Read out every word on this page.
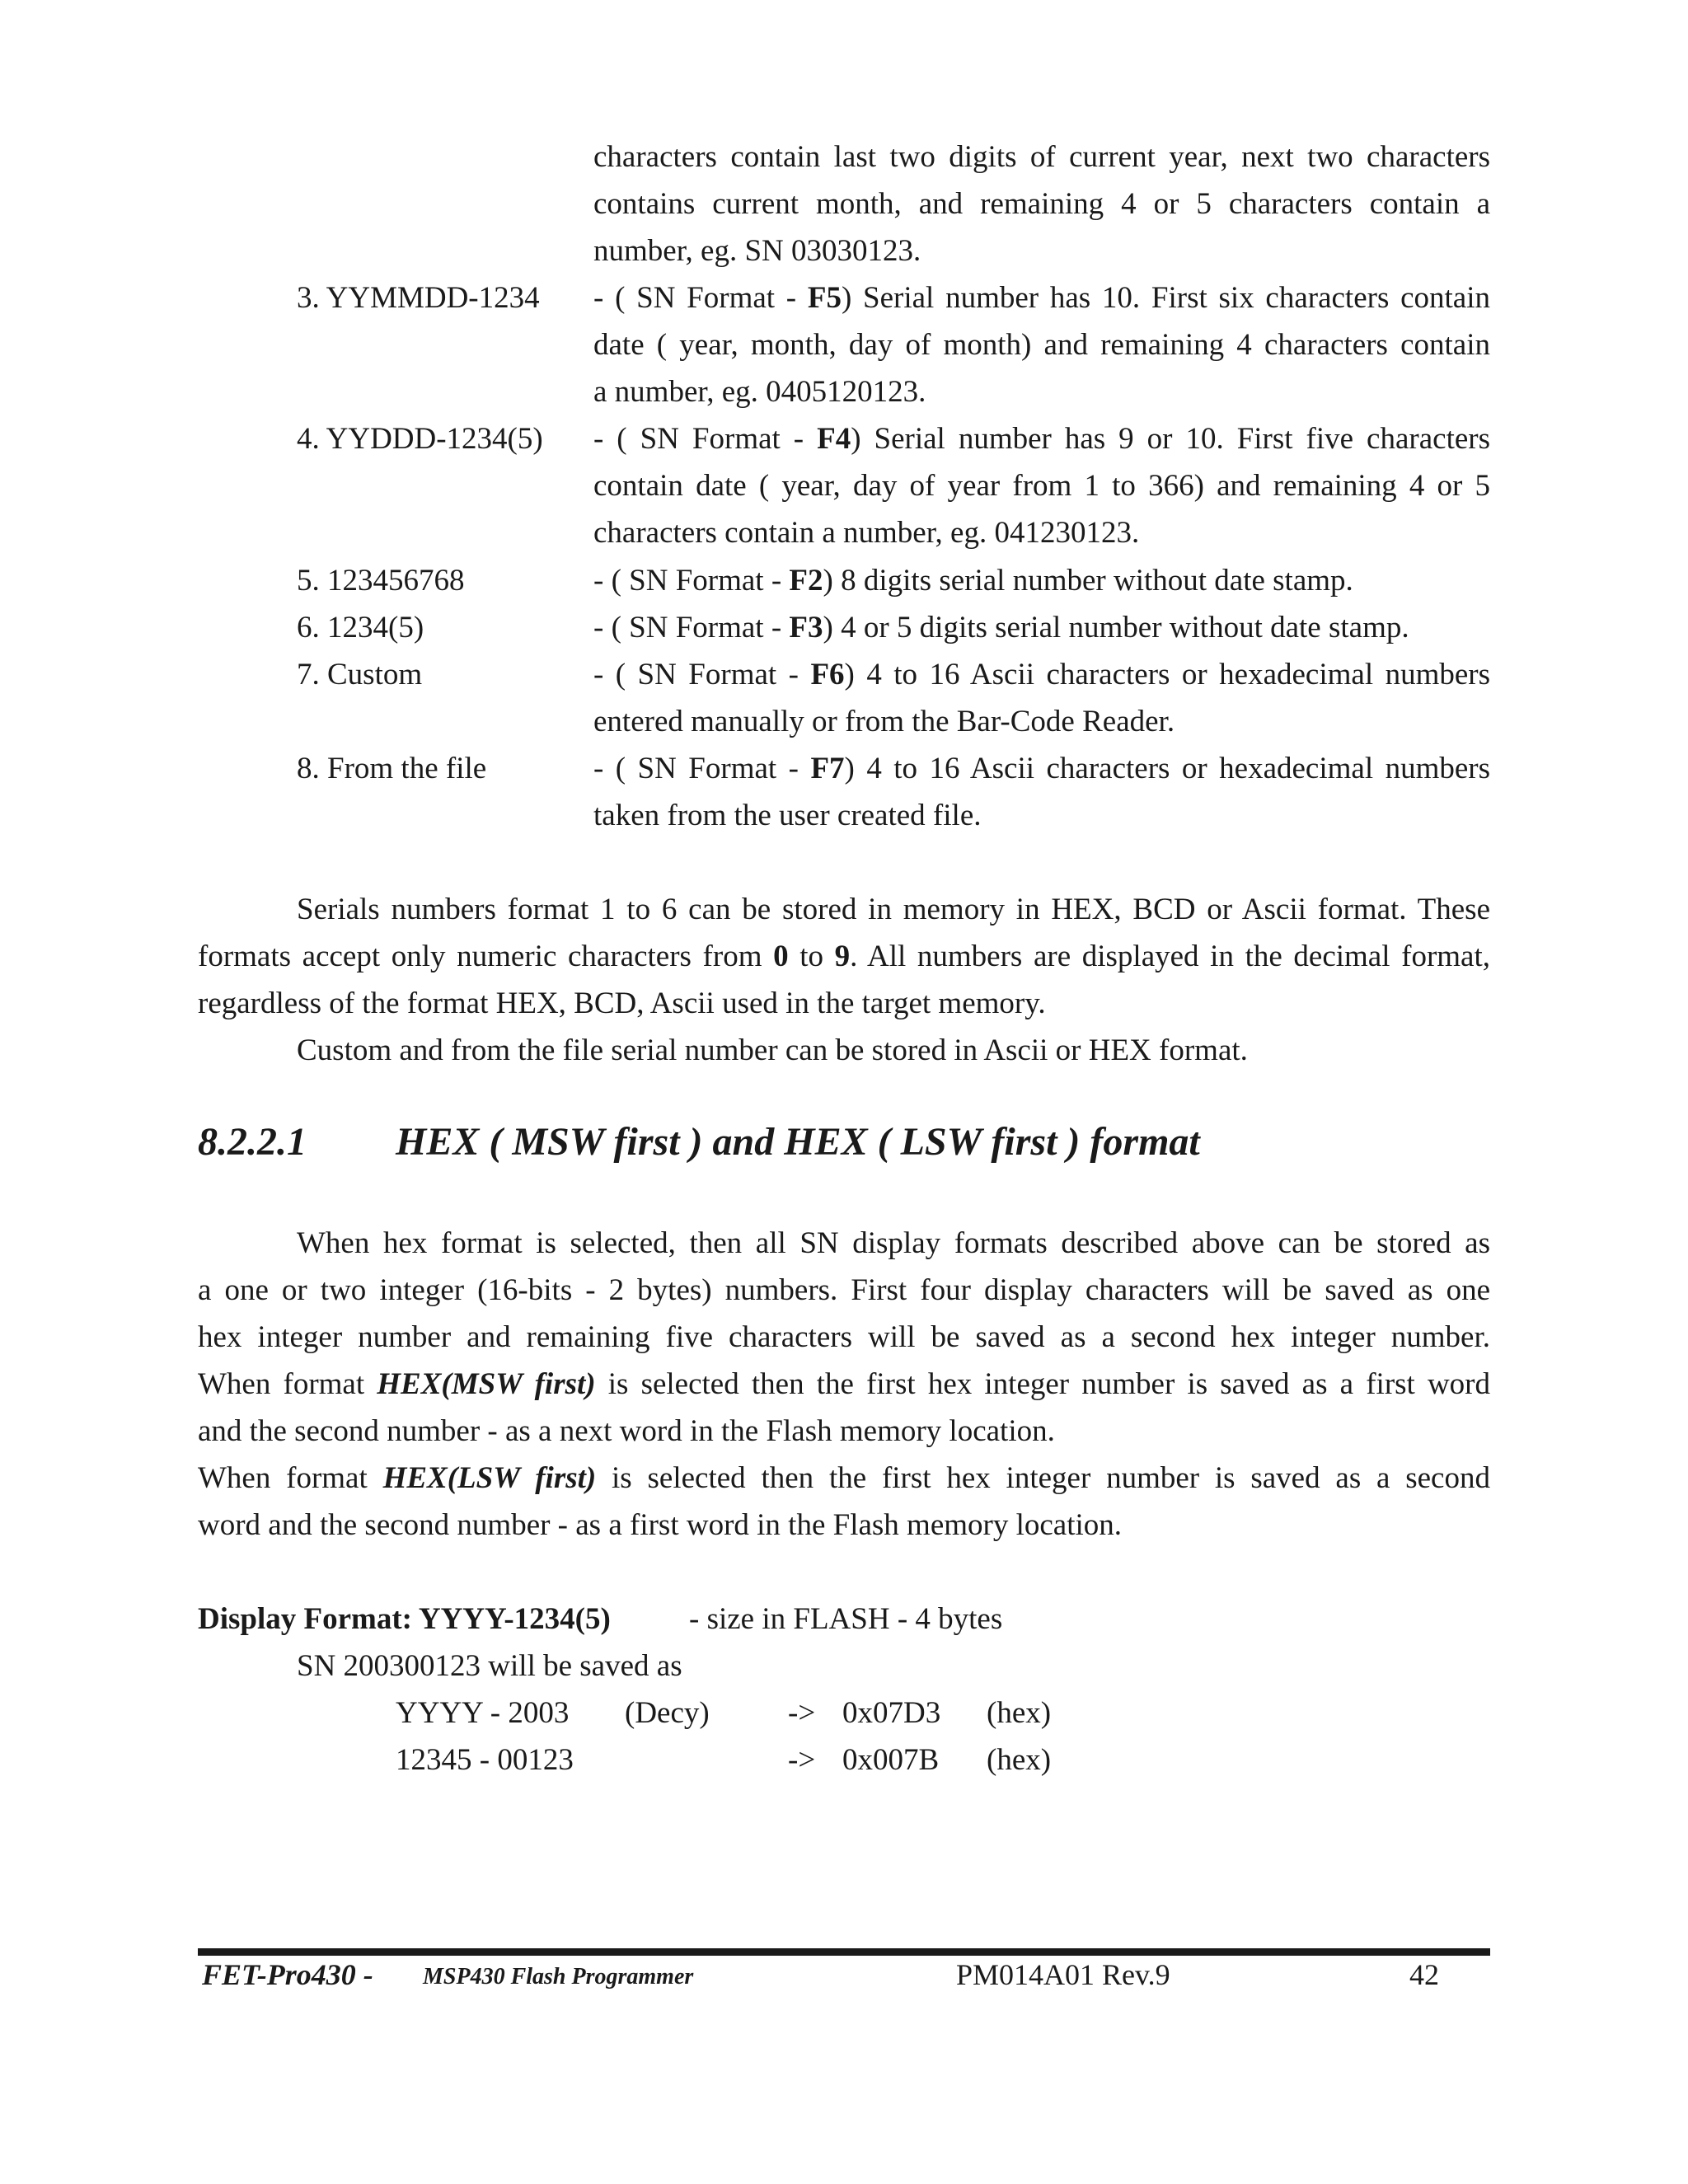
characters contain last two digits of current year, next two characters
contains current month, and remaining 4 or 5 characters contain a
number, eg. SN 03030123.
3. YYMMDD-1234 - ( SN Format - F5) Serial number has 10. First six characters contain
date ( year, month, day of month) and remaining 4 characters contain
a number, eg. 0405120123.
4. YYDDD-1234(5) - ( SN Format - F4) Serial number has 9 or 10. First five characters
contain date ( year, day of year from 1 to 366) and remaining 4 or 5
characters contain a number, eg. 041230123.
5. 123456768	- ( SN Format - F2) 8 digits serial number without date stamp.
6. 1234(5)	- ( SN Format - F3) 4 or 5 digits serial number without date stamp.
7. Custom	- ( SN Format - F6) 4 to 16 Ascii characters or hexadecimal numbers
entered manually or from the Bar-Code Reader.
8. From the file	- ( SN Format - F7) 4 to 16 Ascii characters or hexadecimal numbers
taken from the user created file.
Serials numbers format 1 to 6 can be stored in memory in HEX, BCD or Ascii format. These
formats accept only numeric characters from 0 to 9. All numbers are displayed in the decimal format,
regardless of the format HEX, BCD, Ascii used in the target memory.
Custom and from the file serial number can be stored in Ascii or HEX format.
8.2.2.1 HEX ( MSW first ) and HEX ( LSW first ) format
When hex format is selected, then all SN display formats described above can be stored as
a one or two integer (16-bits - 2 bytes) numbers. First four display characters will be saved as one
hex integer number and remaining five characters will be saved as a second hex integer number.
When format HEX(MSW first) is selected then the first hex integer number is saved as a first word
and the second number - as a next word in the Flash memory location.
When format HEX(LSW first) is selected then the first hex integer number is saved as a second
word and the second number - as a first word in the Flash memory location.
Display Format: YYYY-1234(5)	- size in FLASH - 4 bytes
SN 200300123 will be saved as
YYYY - 2003 (Decy)	-> 0x07D3 (hex)
12345 - 00123	-> 0x007B (hex)
FET-Pro430 - MSP430 Flash Programmer	PM014A01 Rev.9	42
